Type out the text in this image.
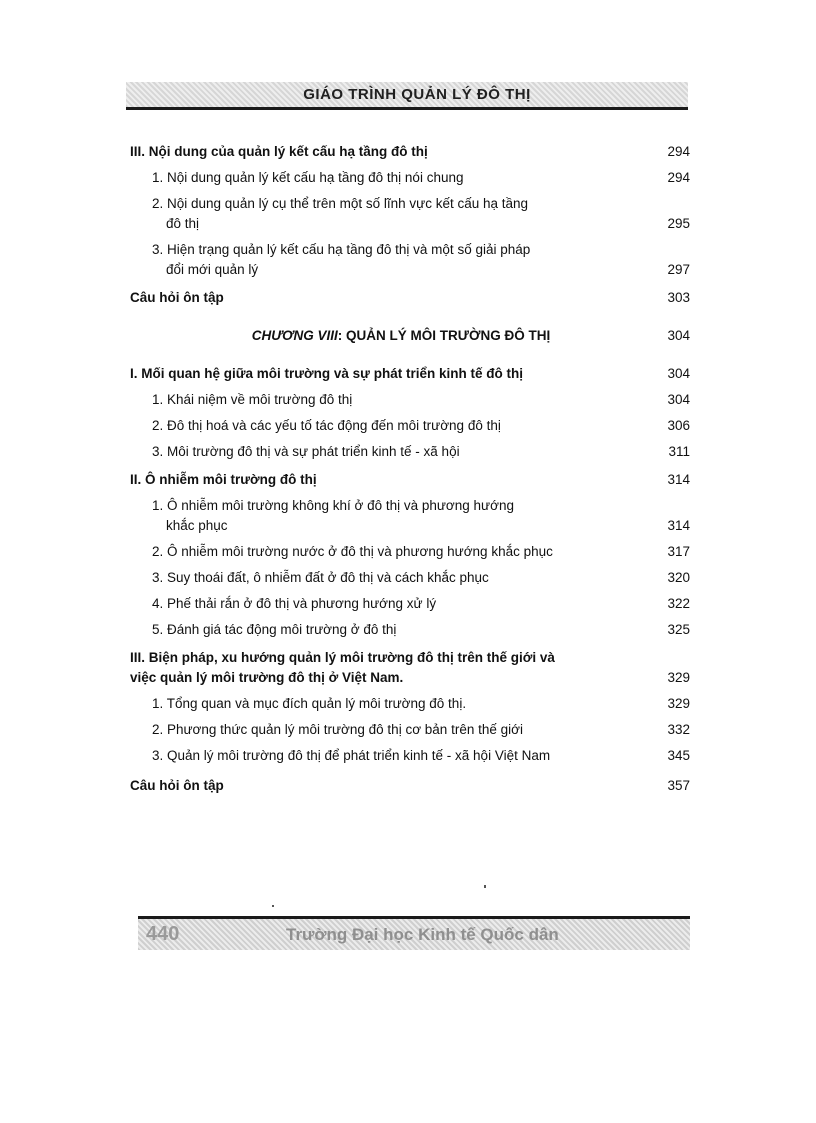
GIÁO TRÌNH QUẢN LÝ ĐÔ THỊ
III. Nội dung của quản lý kết cấu hạ tầng đô thị	294
1. Nội dung quản lý kết cấu hạ tầng đô thị nói chung	294
2. Nội dung quản lý cụ thể trên một số lĩnh vực kết cấu hạ tầng
đô thị	295
3. Hiện trạng quản lý kết cấu hạ tầng đô thị và một số giải pháp
đổi mới quản lý	297
Câu hỏi ôn tập	303
CHƯƠNG VIII: QUẢN LÝ MÔI TRƯỜNG ĐÔ THỊ	304
I. Mối quan hệ giữa môi trường và sự phát triển kinh tế đô thị	304
1. Khái niệm về môi trường đô thị	304
2. Đô thị hoá và các yếu tố tác động đến môi trường đô thị	306
3. Môi trường đô thị và sự phát triển kinh tế - xã hội	311
II. Ô nhiễm môi trường đô thị	314
1. Ô nhiễm môi trường không khí ở đô thị và phương hướng
khắc phục	314
2. Ô nhiễm môi trường nước ở đô thị và phương hướng khắc phục	317
3. Suy thoái đất, ô nhiễm đất ở đô thị và cách khắc phục	320
4. Phế thải rắn ở đô thị và phương hướng xử lý	322
5. Đánh giá tác động môi trường ở đô thị	325
III. Biện pháp, xu hướng quản lý môi trường đô thị trên thế giới và
việc quản lý môi trường đô thị ở Việt Nam.	329
1. Tổng quan và mục đích quản lý môi trường đô thị.	329
2. Phương thức quản lý môi trường đô thị cơ bản trên thế giới	332
3. Quản lý môi trường đô thị để phát triển kinh tế - xã hội Việt Nam	345
Câu hỏi ôn tập	357
440	Trường Đại học Kinh tế Quốc dân
